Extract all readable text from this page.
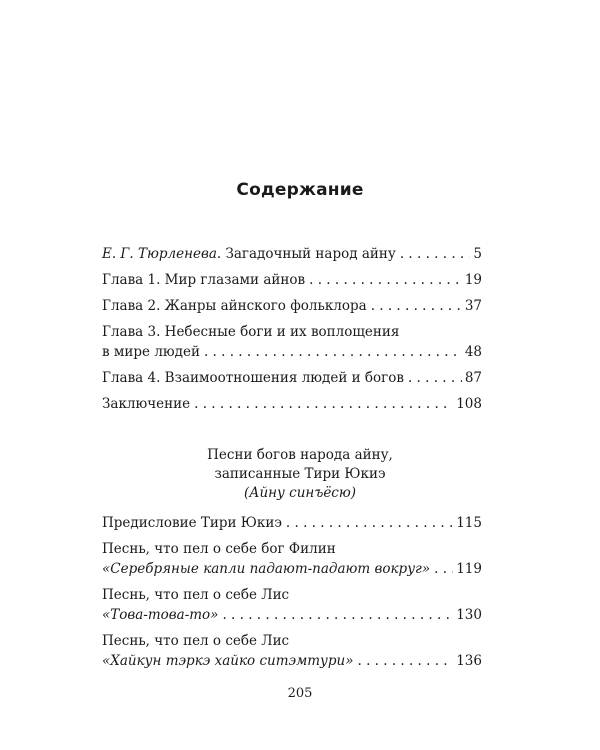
Содержание
Е. Г. Тюрленева. Загадочный народ айну . . .	5
Глава 1. Мир глазами айнов . . .	19
Глава 2. Жанры айнского фольклора . . .	37
Глава 3. Небесные боги и их воплощения
в мире людей . . .	48
Глава 4. Взаимоотношения людей и богов . . .	87
Заключение . . .	108
Песни богов народа айну,
записанные Тири Юкиэ
(Айну синъёсю)
Предисловие Тири Юкиэ . . .	115
Песнь, что пел о себе бог Филин
«Серебряные капли падают-падают вокруг» . . . 119
Песнь, что пел о себе Лис
«Това-това-то» . . .	130
Песнь, что пел о себе Лис
«Хайкун тэркэ хайко ситэмтури» . . .	136
205
